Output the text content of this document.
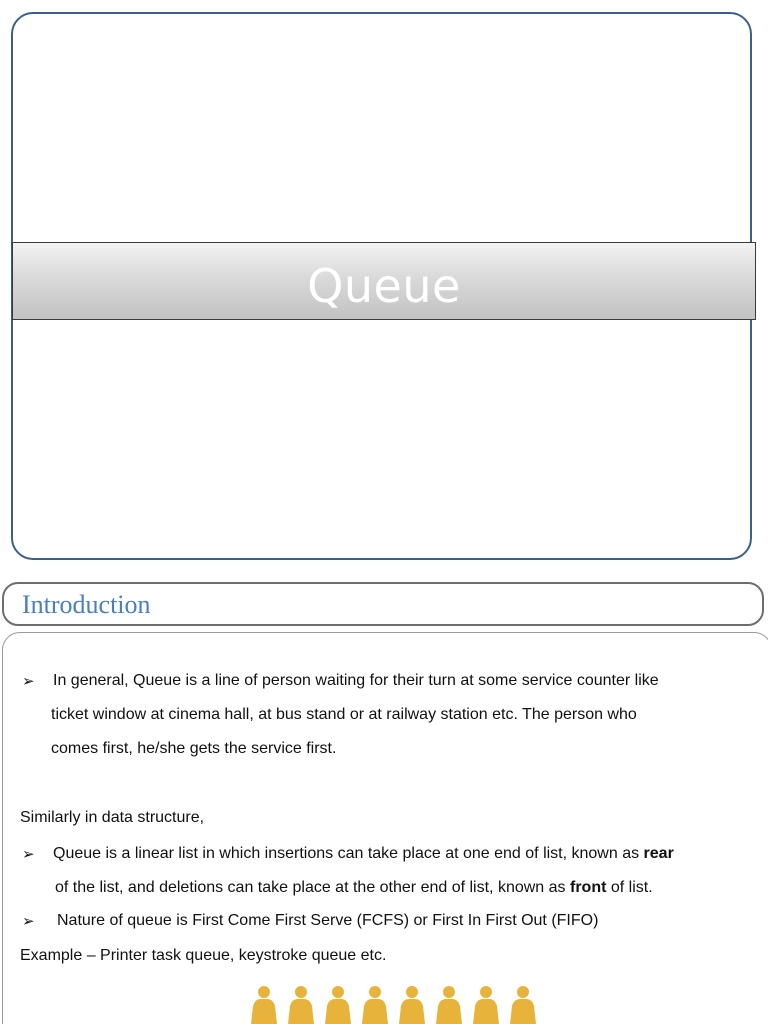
Queue
Introduction
➢ In general, Queue is a line of person waiting for their turn at some service counter like
ticket window at cinema hall, at bus stand or at railway station etc. The person who
comes first, he/she gets the service first.
Similarly in data structure,
➢ Queue is a linear list in which insertions can take place at one end of list, known as rear
of the list, and deletions can take place at the other end of list, known as front of list.
➢ Nature of queue is First Come First Serve (FCFS) or First In First Out (FIFO)
Example – Printer task queue, keystroke queue etc.
